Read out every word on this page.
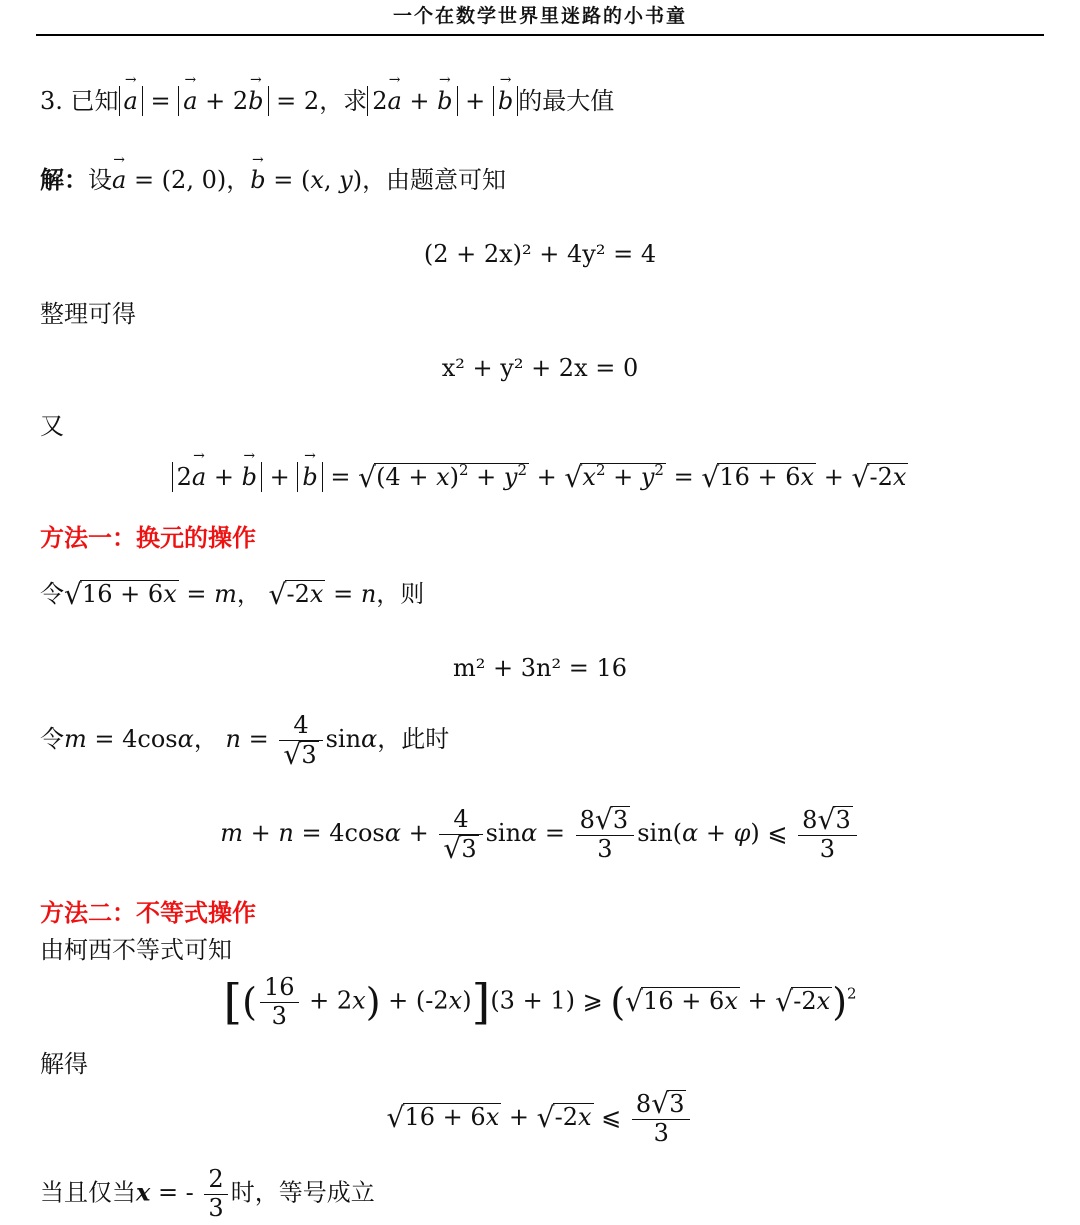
一个在数学世界里迷路的小书童
3. 已知 → a = → a + 2→ b = 2，求 2→ a + → b + → b 的最大值
解：设→ a = (2, 0)，→ b = (x, y)，由题意可知
(2 + 2x)² + 4y² = 4
整理可得
x² + y² + 2x = 0
又
2→ a + → b + → b = √ $(4 + x)^2 + y^2$ + √ $x^2 + y^2$ = √ 16 + 6x + √ -2x
方法一：换元的操作
令 √ 16 + 6x = m， √ -2x = n，则
m² + 3n² = 16
令m = 4cosα， n = 4
√ 3 sinα，此时
m + n = 4cosα + 4
√ 3 $\sin\alpha = \frac{8 √ 3}{3} \sin(\alpha + \varphi)$ ⩽ $\frac{8 √ 3}{3}$
方法二：不等式操作
由柯西不等式可知
[( $\frac{16}{3} + 2x) + (-2x)](3 + 1)$ ⩾ ( √ 16 + 6x + √ -2x)$^2$
解得
√ 16 + 6x + √ -2x ⩽ $\frac{8 √ 3}{3}$
当且仅当x = - $\frac{2}{3}$ 时，等号成立
